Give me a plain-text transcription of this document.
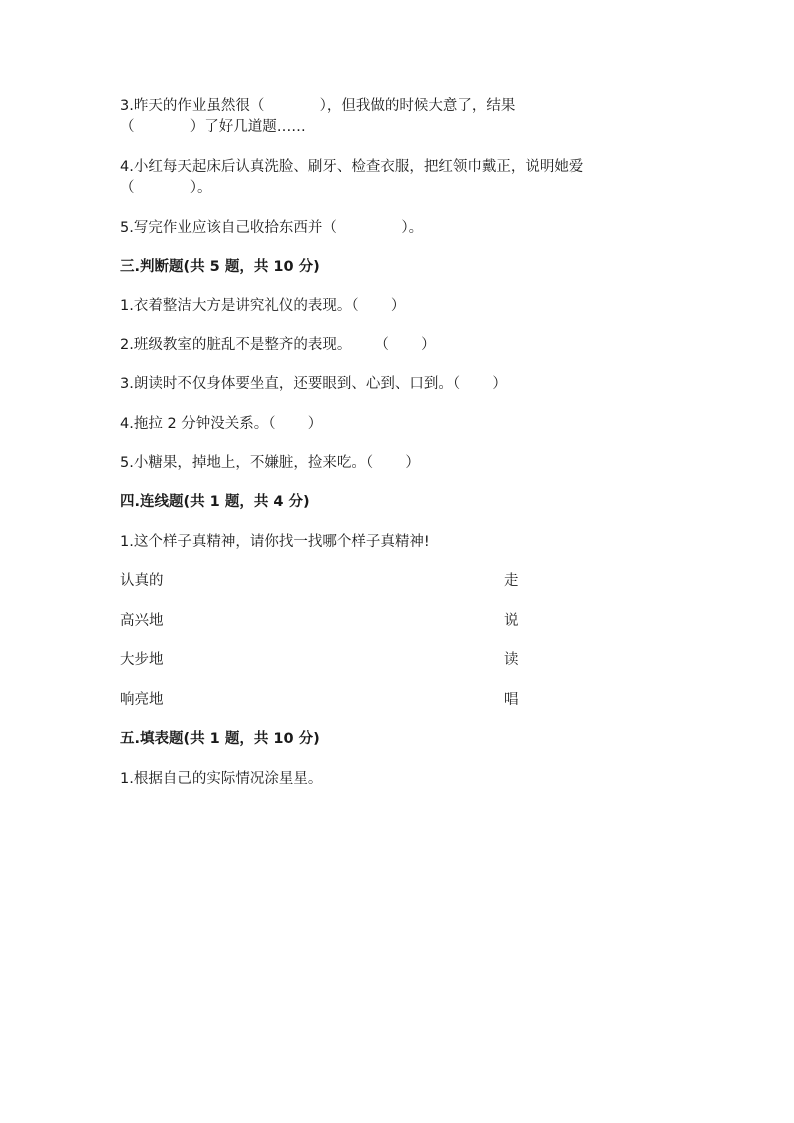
3.昨天的作业虽然很（            ），但我做的时候大意了，结果
（            ）了好几道题……
4.小红每天起床后认真洗脸、刷牙、检查衣服，把红领巾戴正，说明她爱
（            ）。
5.写完作业应该自己收拾东西并（              ）。
三.判断题(共 5 题，共 10 分)
1.衣着整洁大方是讲究礼仪的表现。（       ）
2.班级教室的脏乱不是整齐的表现。     （       ）
3.朗读时不仅身体要坐直，还要眼到、心到、口到。（       ）
4.拖拉 2 分钟没关系。（       ）
5.小糖果，掉地上，不嫌脏，捡来吃。（       ）
四.连线题(共 1 题，共 4 分)
1.这个样子真精神，请你找一找哪个样子真精神!
认真的	走
高兴地	说
大步地	读
响亮地	唱
五.填表题(共 1 题，共 10 分)
1.根据自己的实际情况涂星星。
